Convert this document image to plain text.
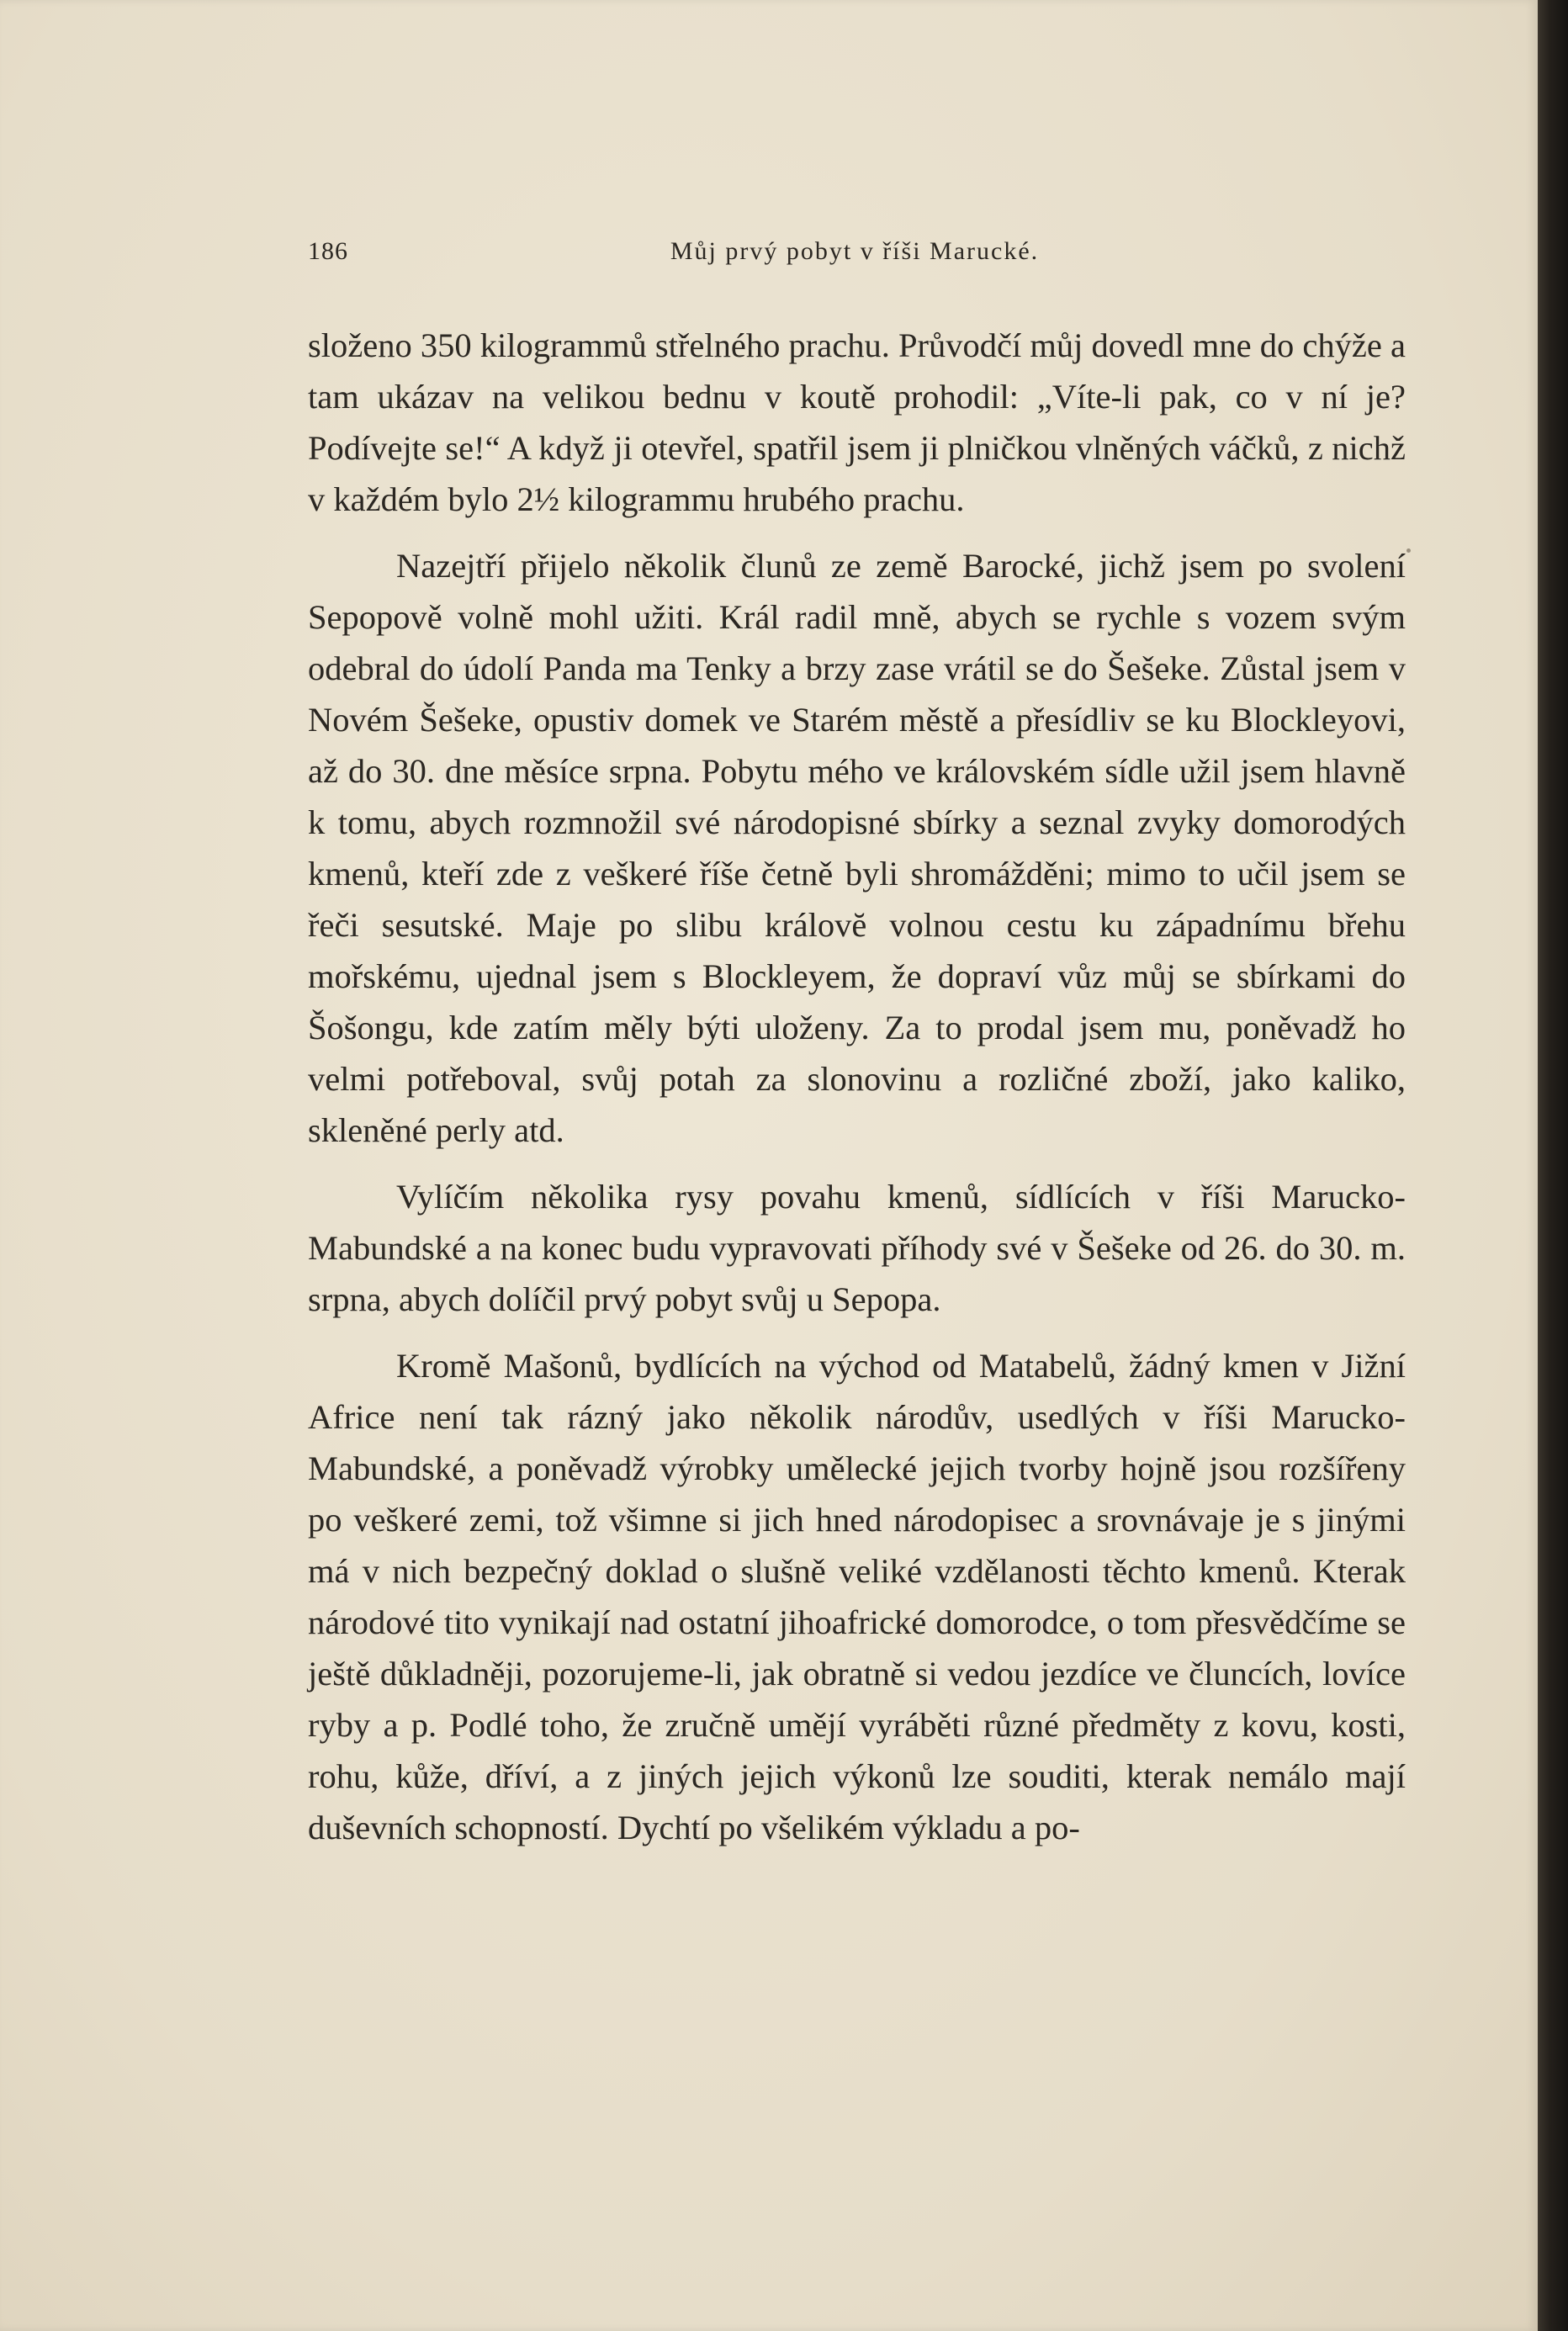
186	Můj prvý pobyt v říši Marucké.

složeno 350 kilogrammů střelného prachu. Průvodčí můj dovedl mne do chýže a tam ukázav na velikou bednu v koutě prohodil: „Víte-li pak, co v ní je? Podívejte se!“ A když ji otevřel, spatřil jsem ji plničkou vlněných váčků, z nichž v každém bylo 2½ kilogrammu hrubého prachu.

Nazejtří přijelo několik člunů ze země Barocké, jichž jsem po svolení Sepopově volně mohl užiti. Král radil mně, abych se rychle s vozem svým odebral do údolí Panda ma Tenky a brzy zase vrátil se do Šešeke. Zůstal jsem v Novém Šešeke, opustiv domek ve Starém městě a přesídliv se ku Blockleyovi, až do 30. dne měsíce srpna. Pobytu mého ve královském sídle užil jsem hlavně k tomu, abych rozmnožil své národopisné sbírky a seznal zvyky domorodých kmenů, kteří zde z veškeré říše četně byli shromážděni; mimo to učil jsem se řeči sesutské. Maje po slibu královĕ volnou cestu ku západnímu břehu mořskému, ujednal jsem s Blockleyem, že dopraví vůz můj se sbírkami do Šošongu, kde zatím měly býti uloženy. Za to prodal jsem mu, poněvadž ho velmi potřeboval, svůj potah za slonovinu a rozličné zboží, jako kaliko, skleněné perly atd.

Vylíčím několika rysy povahu kmenů, sídlících v říši Marucko-Mabundské a na konec budu vypravovati příhody své v Šešeke od 26. do 30. m. srpna, abych dolíčil prvý pobyt svůj u Sepopa.

Kromě Mašonů, bydlících na východ od Matabelů, žádný kmen v Jižní Africe není tak rázný jako několik národův, usedlých v říši Marucko-Mabundské, a poněvadž výrobky umělecké jejich tvorby hojně jsou rozšířeny po veškeré zemi, tož všimne si jich hned národopisec a srovnávaje je s jinými má v nich bezpečný doklad o slušně veliké vzdělanosti těchto kmenů. Kterak národové tito vynikají nad ostatní jihoafrické domorodce, o tom přesvědčíme se ještě důkladněji, pozorujeme-li, jak obratně si vedou jezdíce ve čluncích, lovíce ryby a p. Podlé toho, že zručně umějí vyráběti různé předměty z kovu, kosti, rohu, kůže, dříví, a z jiných jejich výkonů lze souditi, kterak nemálo mají duševních schopností. Dychtí po všelikém výkladu a po-
